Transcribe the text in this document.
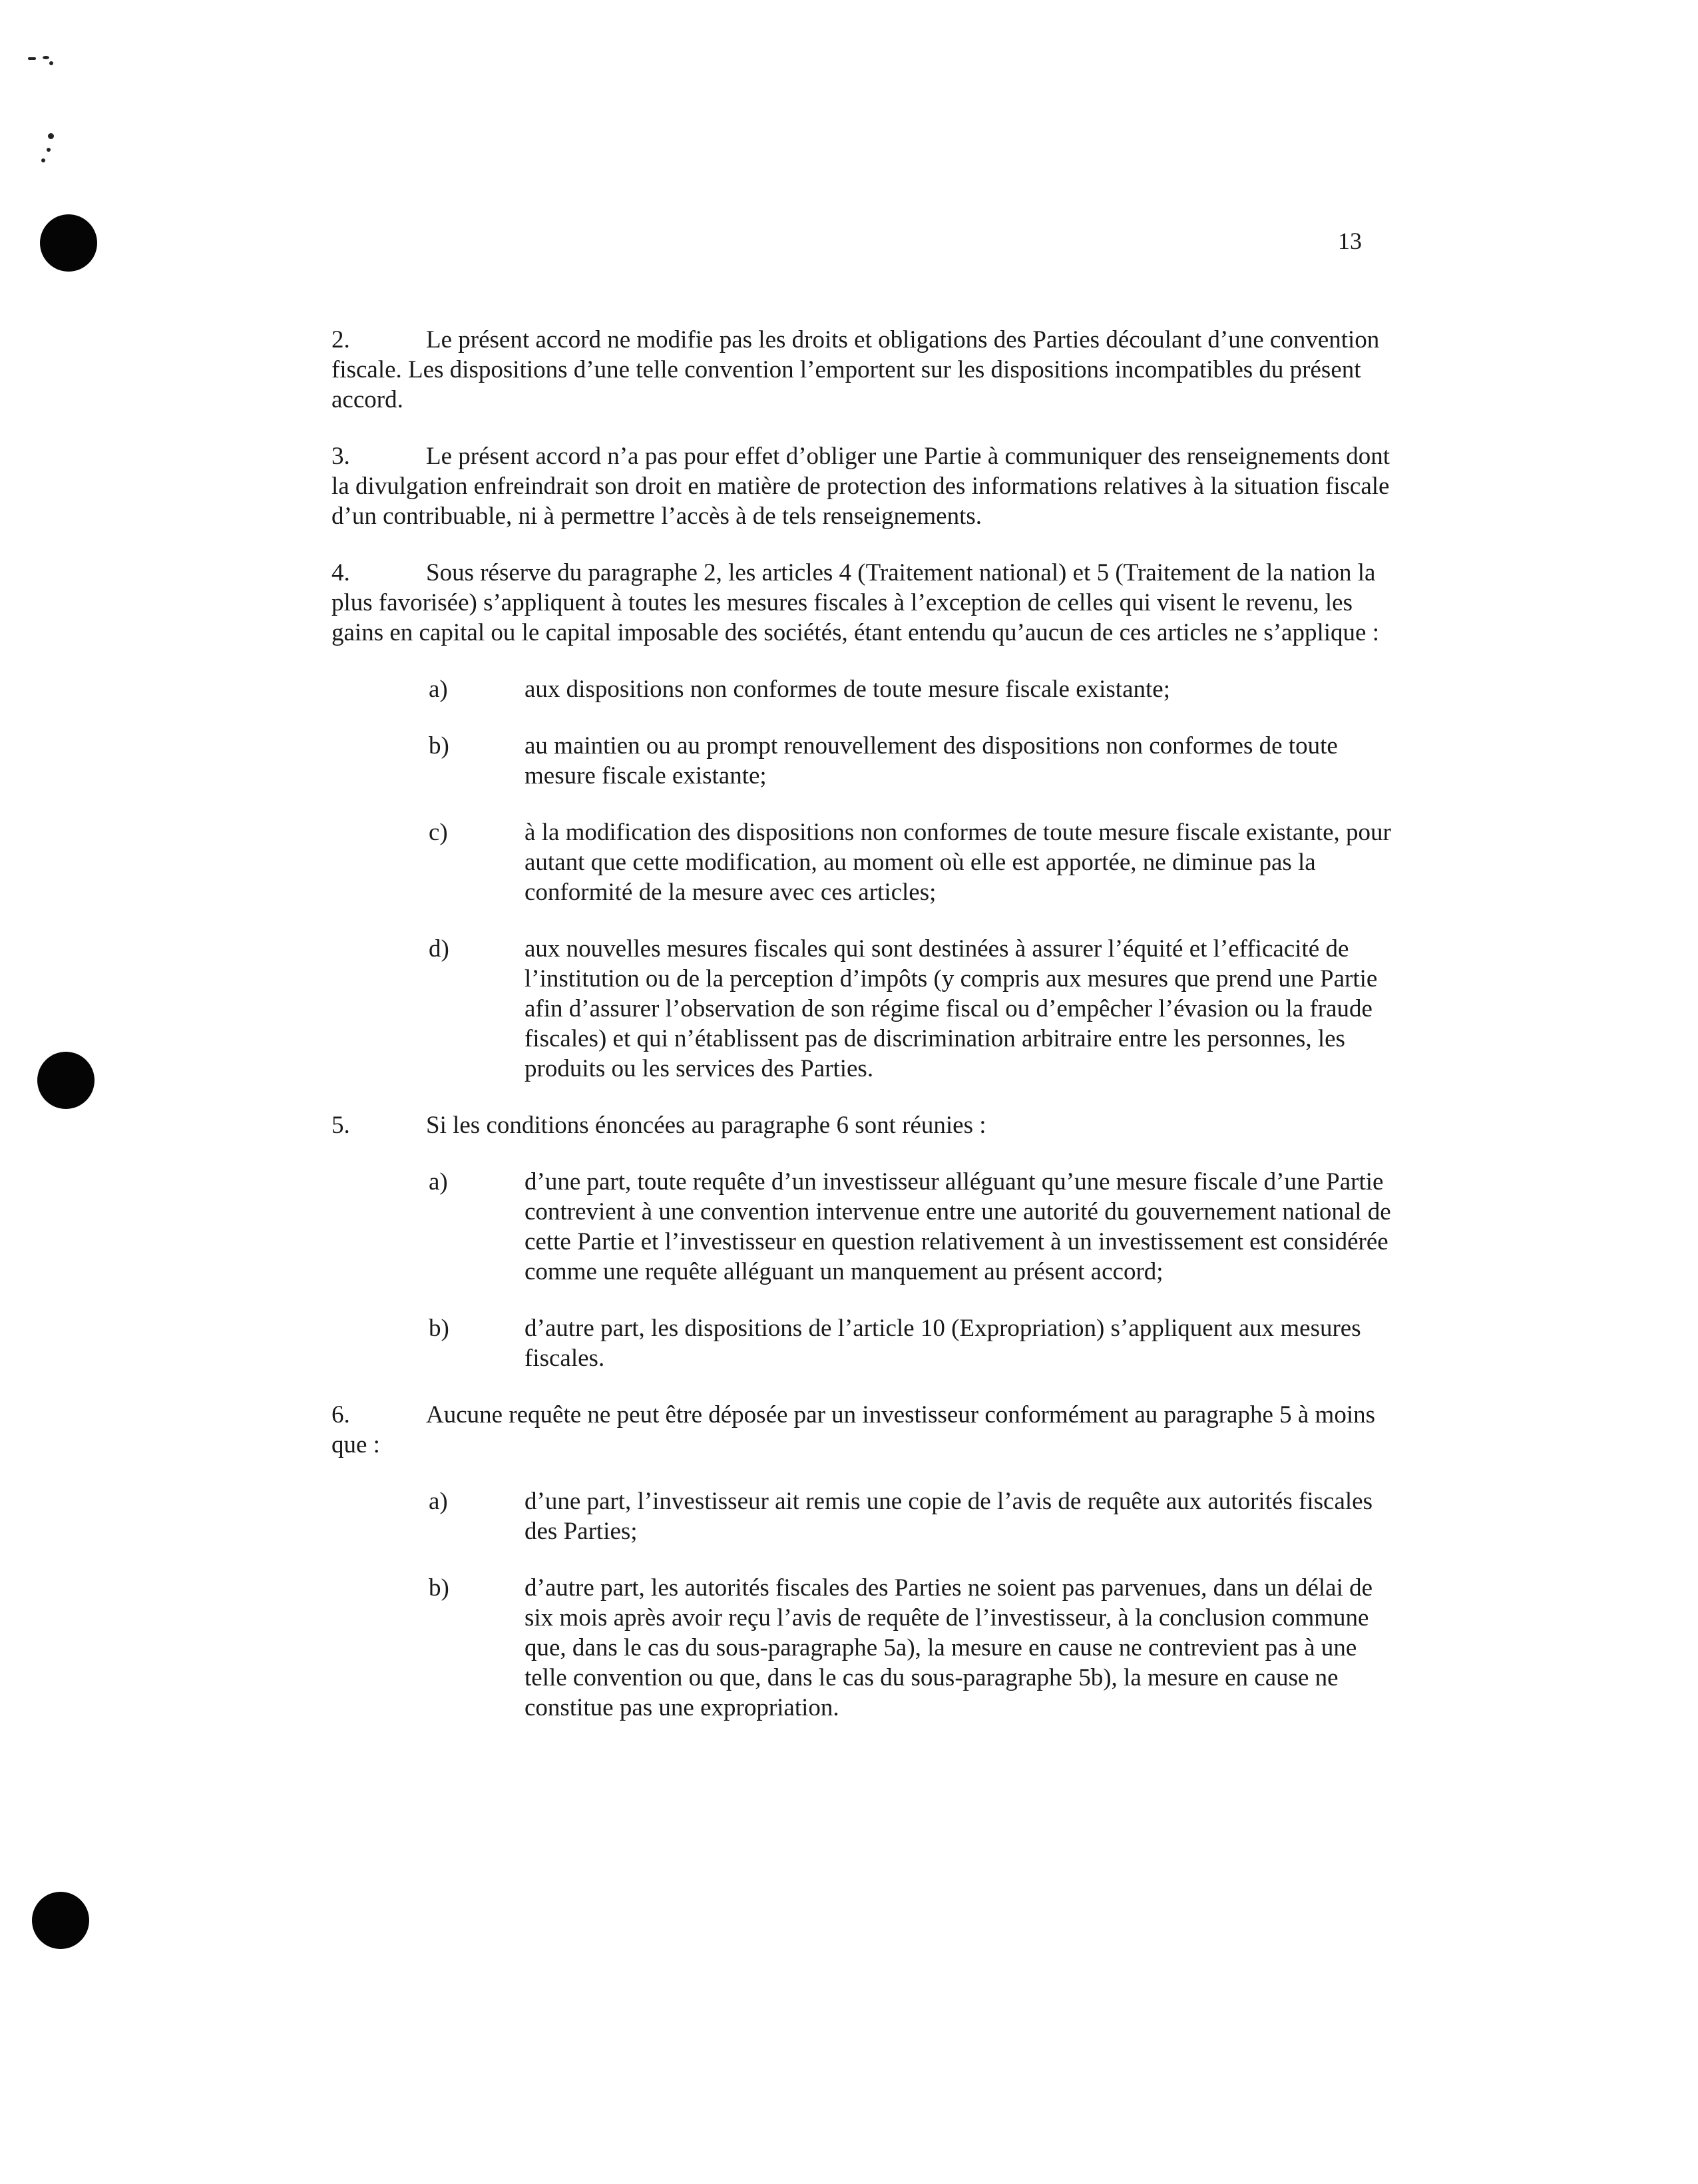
13

2.	Le présent accord ne modifie pas les droits et obligations des Parties découlant d’une convention fiscale. Les dispositions d’une telle convention l’emportent sur les dispositions incompatibles du présent accord.

3.	Le présent accord n’a pas pour effet d’obliger une Partie à communiquer des renseignements dont la divulgation enfreindrait son droit en matière de protection des informations relatives à la situation fiscale d’un contribuable, ni à permettre l’accès à de tels renseignements.

4.	Sous réserve du paragraphe 2, les articles 4 (Traitement national) et 5 (Traitement de la nation la plus favorisée) s’appliquent à toutes les mesures fiscales à l’exception de celles qui visent le revenu, les gains en capital ou le capital imposable des sociétés, étant entendu qu’aucun de ces articles ne s’applique :

a)	aux dispositions non conformes de toute mesure fiscale existante;
b)	au maintien ou au prompt renouvellement des dispositions non conformes de toute mesure fiscale existante;
c)	à la modification des dispositions non conformes de toute mesure fiscale existante, pour autant que cette modification, au moment où elle est apportée, ne diminue pas la conformité de la mesure avec ces articles;
d)	aux nouvelles mesures fiscales qui sont destinées à assurer l’équité et l’efficacité de l’institution ou de la perception d’impôts (y compris aux mesures que prend une Partie afin d’assurer l’observation de son régime fiscal ou d’empêcher l’évasion ou la fraude fiscales) et qui n’établissent pas de discrimination arbitraire entre les personnes, les produits ou les services des Parties.

5.	Si les conditions énoncées au paragraphe 6 sont réunies :

a)	d’une part, toute requête d’un investisseur alléguant qu’une mesure fiscale d’une Partie contrevient à une convention intervenue entre une autorité du gouvernement national de cette Partie et l’investisseur en question relativement à un investissement est considérée comme une requête alléguant un manquement au présent accord;
b)	d’autre part, les dispositions de l’article 10 (Expropriation) s’appliquent aux mesures fiscales.

6.	Aucune requête ne peut être déposée par un investisseur conformément au paragraphe 5 à moins que :

a)	d’une part, l’investisseur ait remis une copie de l’avis de requête aux autorités fiscales des Parties;
b)	d’autre part, les autorités fiscales des Parties ne soient pas parvenues, dans un délai de six mois après avoir reçu l’avis de requête de l’investisseur, à la conclusion commune que, dans le cas du sous-paragraphe 5a), la mesure en cause ne contrevient pas à une telle convention ou que, dans le cas du sous-paragraphe 5b), la mesure en cause ne constitue pas une expropriation.
